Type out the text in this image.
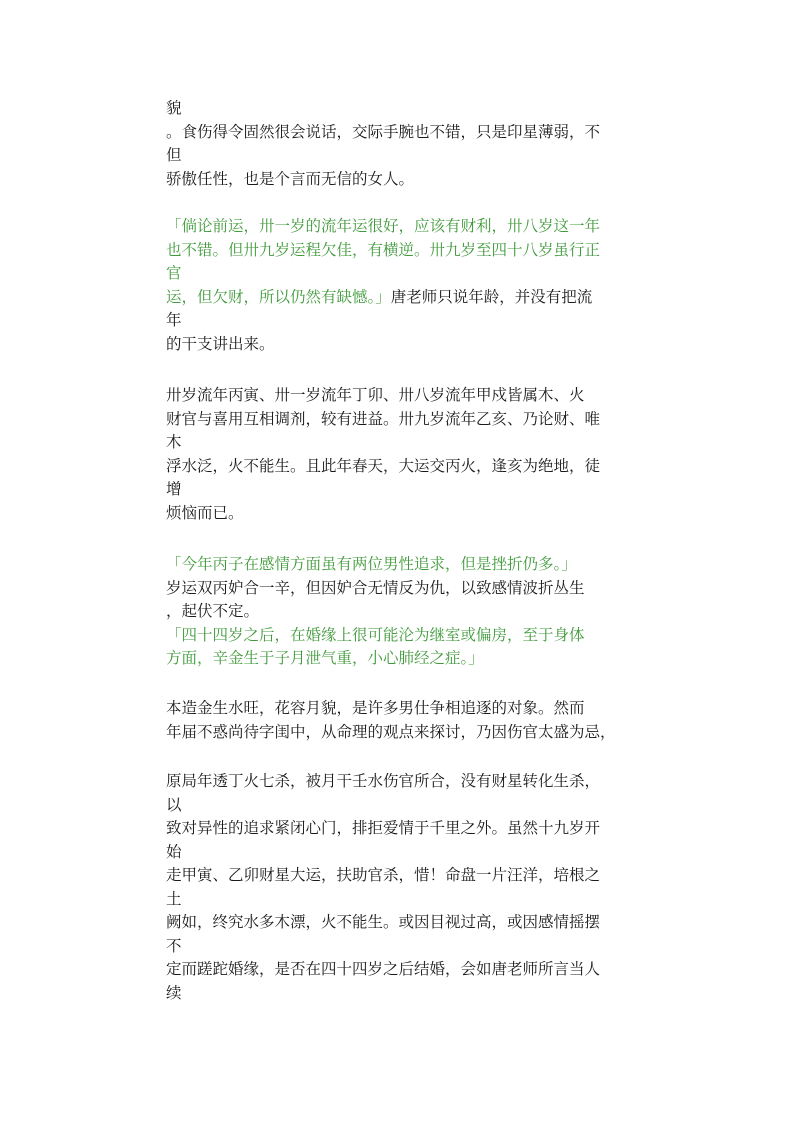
貌
。食伤得令固然很会说话，交际手腕也不错，只是印星薄弱，不
但
骄傲任性，也是个言而无信的女人。
「倘论前运，卅一岁的流年运很好，应该有财利，卅八岁这一年
也不错。但卅九岁运程欠佳，有横逆。卅九岁至四十八岁虽行正
官
运，但欠财，所以仍然有缺憾。」唐老师只说年龄，并没有把流
年
的干支讲出来。
卅岁流年丙寅、卅一岁流年丁卯、卅八岁流年甲戍皆属木、火
财官与喜用互相调剂，较有进益。卅九岁流年乙亥、乃论财、唯
木
浮水泛，火不能生。且此年春天，大运交丙火，逢亥为绝地，徒
增
烦恼而已。
「今年丙子在感情方面虽有两位男性追求，但是挫折仍多。」
岁运双丙妒合一辛，但因妒合无情反为仇，以致感情波折丛生
，起伏不定。
「四十四岁之后，在婚缘上很可能沦为继室或偏房，至于身体
方面，辛金生于子月泄气重，小心肺经之症。」
本造金生水旺，花容月貌，是许多男仕争相追逐的对象。然而
年届不惑尚待字闺中，从命理的观点来探讨，乃因伤官太盛为忌，
原局年透丁火七杀，被月干壬水伤官所合，没有财星转化生杀，
以
致对异性的追求紧闭心门，排拒爱情于千里之外。虽然十九岁开
始
走甲寅、乙卯财星大运，扶助官杀，惜！命盘一片汪洋，培根之
土
阙如，终究水多木漂，火不能生。或因目视过高，或因感情摇摆
不
定而蹉跎婚缘，是否在四十四岁之后结婚，会如唐老师所言当人
续
